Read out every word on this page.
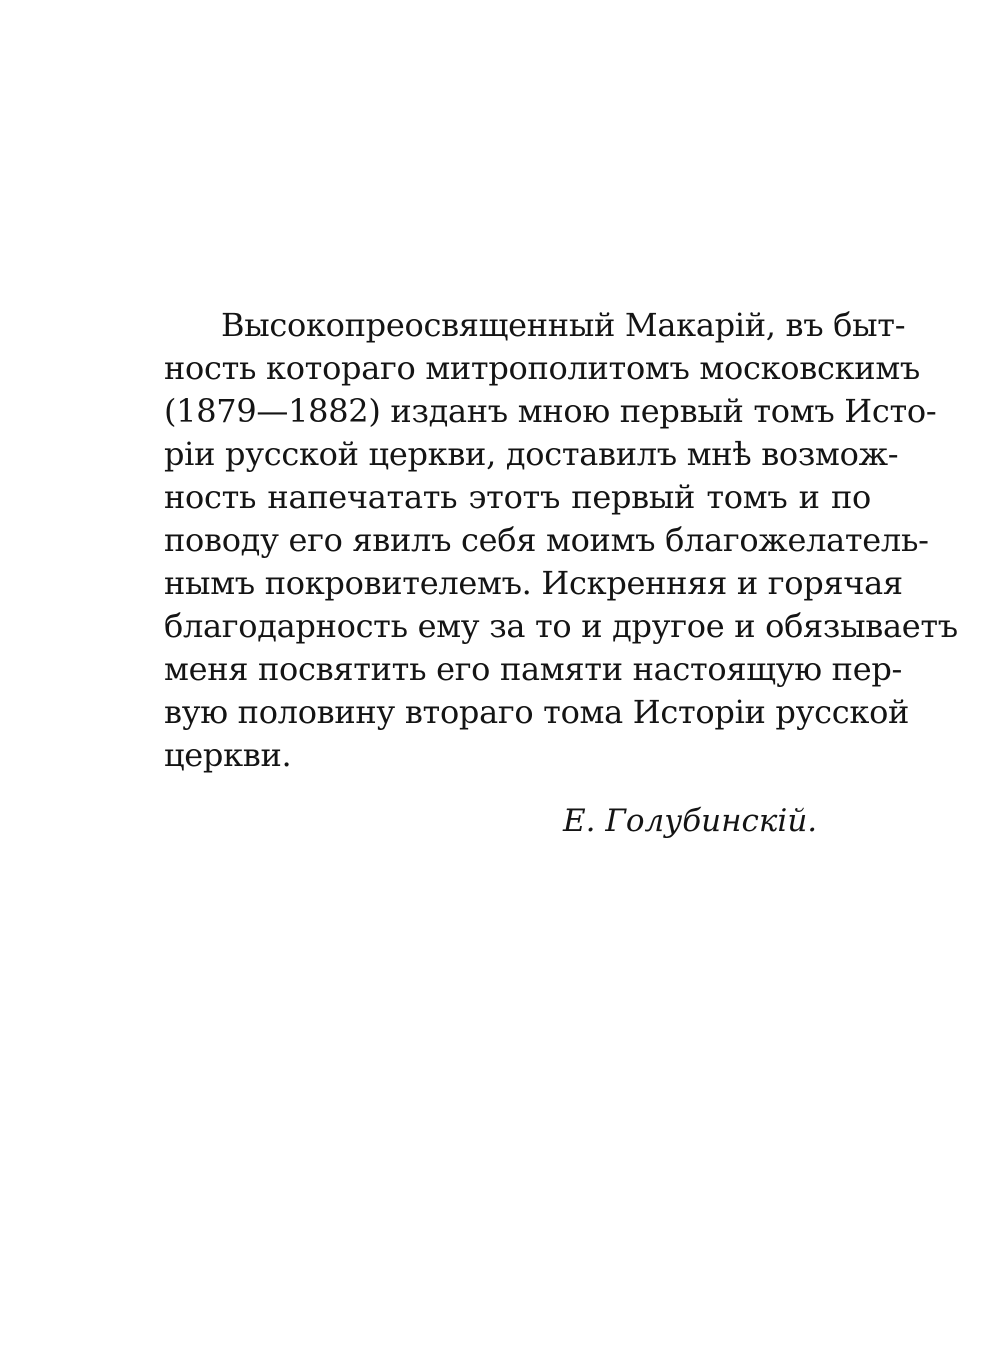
Высокопреосвященный Макарій, въ быт-
ность котораго митрополитомъ московскимъ
(1879—1882) изданъ мною первый томъ Исто-
ріи русской церкви, доставилъ мнѣ возмож-
ность напечатать этотъ первый томъ и по
поводу его явилъ себя моимъ благожелатель-
нымъ покровителемъ. Искренняя и горячая
благодарность ему за то и другое и обязываетъ
меня посвятить его памяти настоящую пер-
вую половину втораго тома Исторіи русской
церкви.
Е. Голубинскій.
